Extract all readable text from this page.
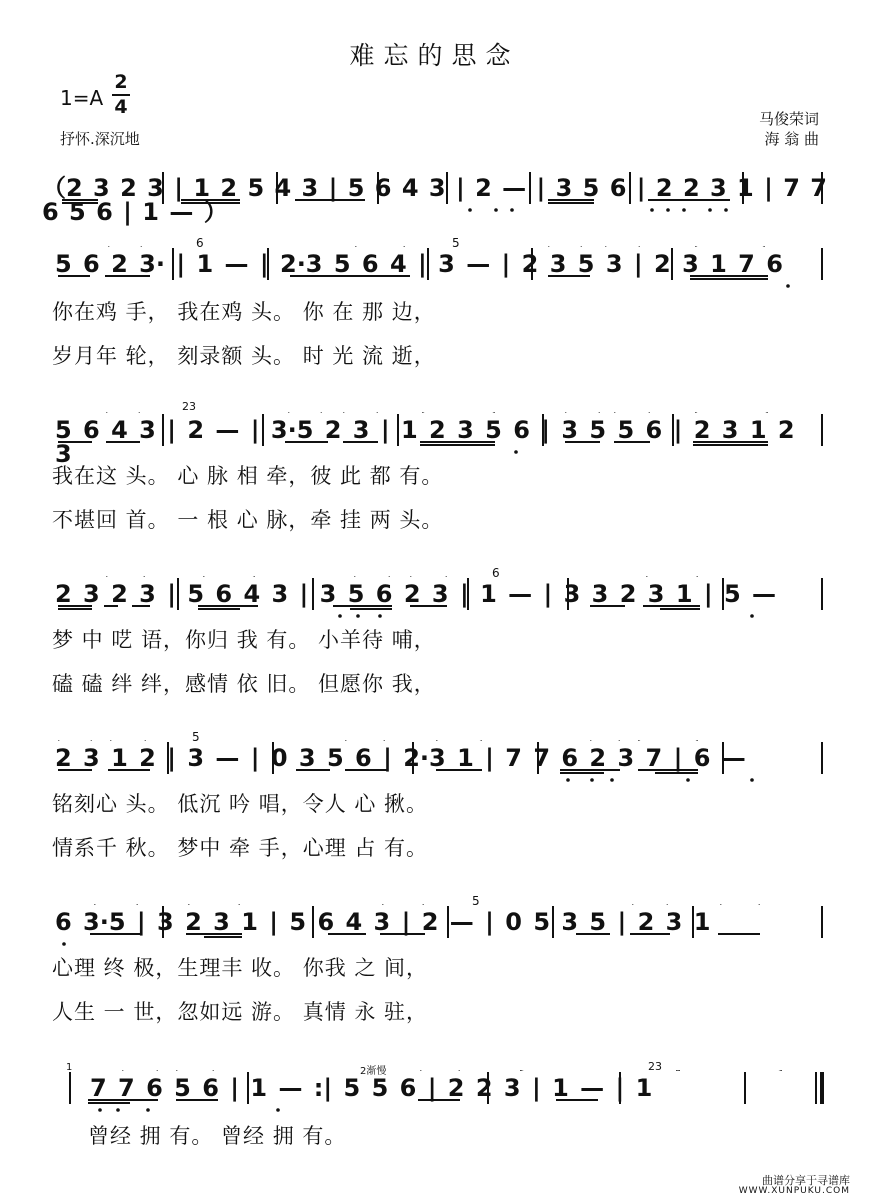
难忘的思念
1=A
2
4
抒怀.深沉地
马俊荣词
海 翁 曲
（2 3 2 3 | 1 2 5 4 3 | 5 6 4 3 | 2 — | 3 5 6 | 2 2 3 1 | 7 7 6 5 6 | 1 — ）
6	5
5 6 2 3· | 1 — | 2·3 5 6 4 | 3 — | 2 3 5 3 | 2 3 1 7 6
你在鸡 手， 我在鸡 头。 你 在 那 边，
岁月年 轮， 刻录额 头。 时 光 流 逝，
23
5 6 4 3 | 2 — | 3·5 2 3 | 1 2 3 5 6 | 3 5 5 6 | 2 3 1 2 3
我在这 头。 心 脉 相 牵，彼 此 都 有。
不堪回 首。 一 根 心 脉，牵 挂 两 头。
6
2 3 2 3 | 5 6 4 3 | 3 5 6 2 3 | 1 — | 3 3 2 3 1 | 5 —
梦 中 呓 语，你归 我 有。 小羊待 哺，
磕 磕 绊 绊，感情 依 旧。 但愿你 我，
5
2 3 1 2 | 3 — | 0 3 5 6 | 2·3 1 | 7 7 6 2 3 7 | 6 —
铭刻心 头。 低沉 吟 唱，令人 心 揪。
情系千 秋。 梦中 牵 手，心理 占 有。
5
6 3·5 | 3 2 3 1 | 5 6 4 3 | 2 — | 0 5 3 5 | 2 3 1
心理 终 极，生理丰 收。 你我 之 间，
人生 一 世，忽如远 游。 真情 永 驻，
1	2渐慢	23
7 7 6 5 6 | 1 — :| 5 5 6 | 2 2 3 | 1 — | 1
曾经 拥 有。 曾经 拥 有。
曲谱分享于寻谱库
WWW.XUNPUKU.COM
